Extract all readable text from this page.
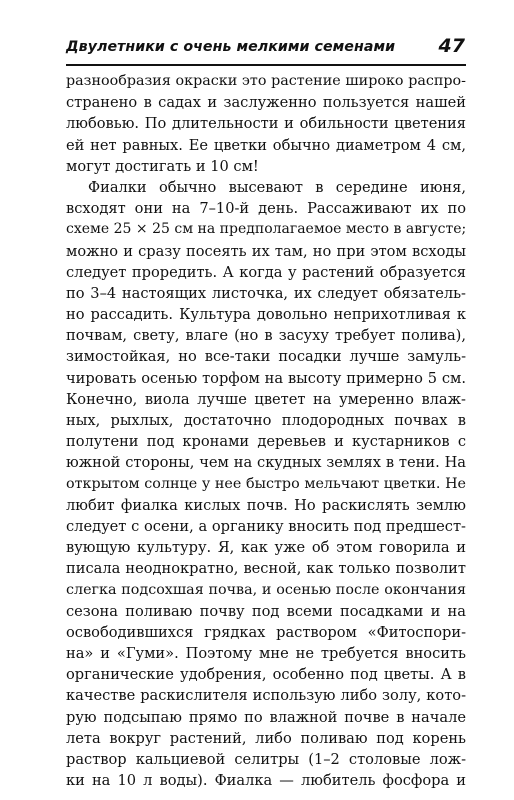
Двулетники с очень мелкими семенами 47
разнообразия окраски это растение широко распро-
странено в садах и заслуженно пользуется нашей
любовью. По длительности и обильности цветения
ей нет равных. Ее цветки обычно диаметром 4 см,
могут достигать и 10 см!
Фиалки обычно высевают в середине июня,
всходят они на 7–10-й день. Рассаживают их по
схеме 25 × 25 см на предполагаемое место в августе;
можно и сразу посеять их там, но при этом всходы
следует проредить. А когда у растений образуется
по 3–4 настоящих листочка, их следует обязатель-
но рассадить. Культура довольно неприхотливая к
почвам, свету, влаге (но в засуху требует полива),
зимостойкая, но все-таки посадки лучше замуль-
чировать осенью торфом на высоту примерно 5 см.
Конечно, виола лучше цветет на умеренно влаж-
ных, рыхлых, достаточно плодородных почвах в
полутени под кронами деревьев и кустарников с
южной стороны, чем на скудных землях в тени. На
открытом солнце у нее быстро мельчают цветки. Не
любит фиалка кислых почв. Но раскислять землю
следует с осени, а органику вносить под предшест-
вующую культуру. Я, как уже об этом говорила и
писала неоднократно, весной, как только позволит
слегка подсохшая почва, и осенью после окончания
сезона поливаю почву под всеми посадками и на
освободившихся грядках раствором «Фитоспори-
на» и «Гуми». Поэтому мне не требуется вносить
органические удобрения, особенно под цветы. А в
качестве раскислителя использую либо золу, кото-
рую подсыпаю прямо по влажной почве в начале
лета вокруг растений, либо поливаю под корень
раствор кальциевой селитры (1–2 столовые лож-
ки на 10 л воды). Фиалка — любитель фосфора и
